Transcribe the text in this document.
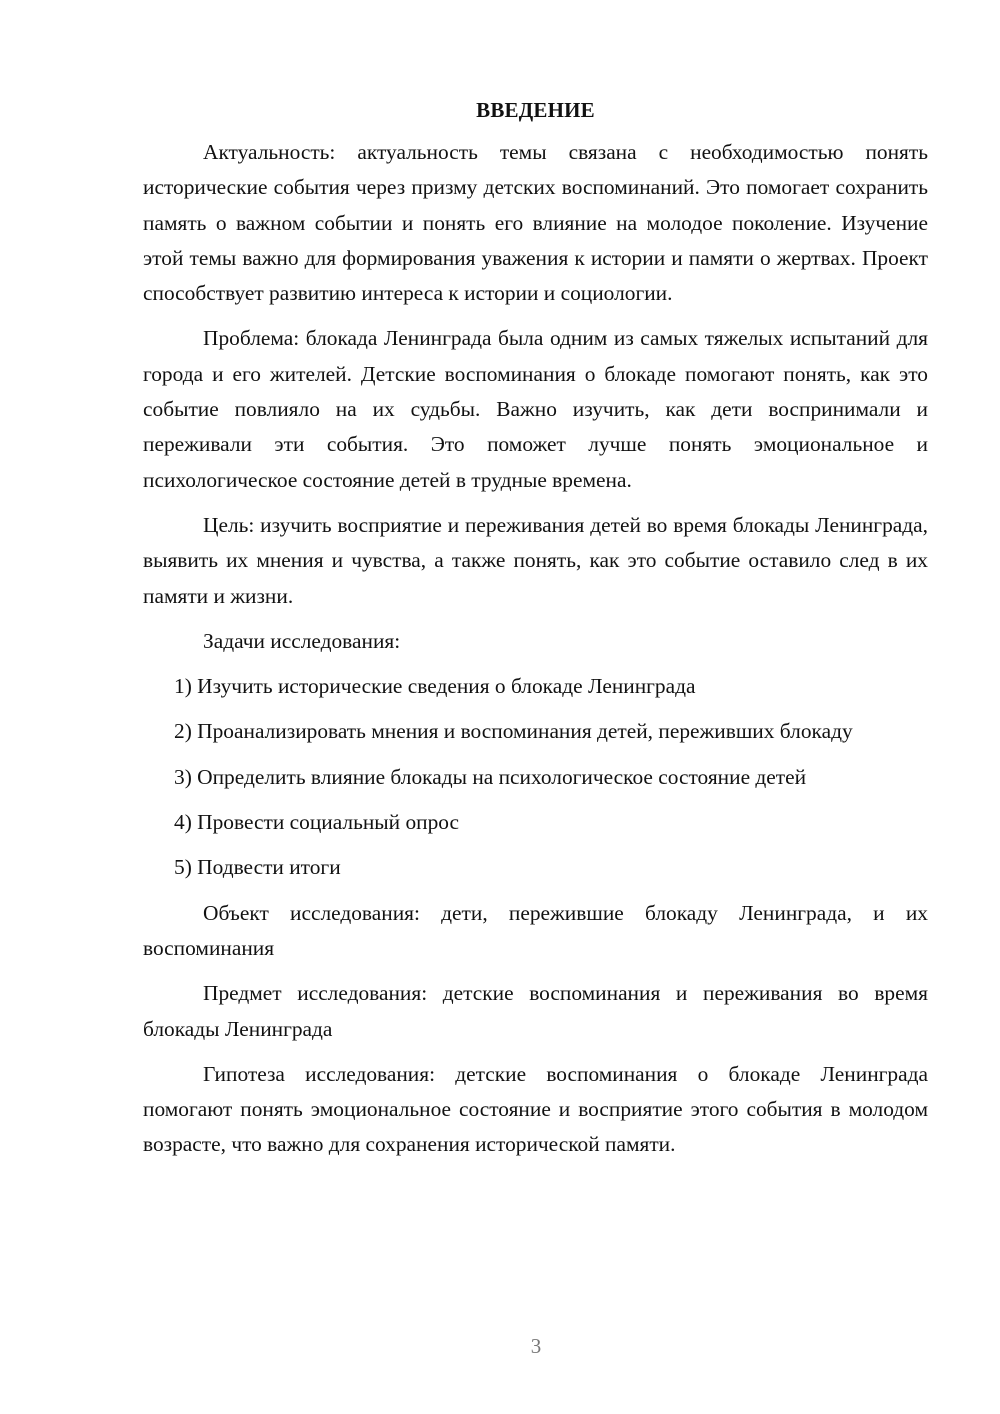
ВВЕДЕНИЕ

Актуальность: актуальность темы связана с необходимостью понять исторические события через призму детских воспоминаний. Это помогает сохранить память о важном событии и понять его влияние на молодое поколение. Изучение этой темы важно для формирования уважения к истории и памяти о жертвах. Проект способствует развитию интереса к истории и социологии.

Проблема: блокада Ленинграда была одним из самых тяжелых испытаний для города и его жителей. Детские воспоминания о блокаде помогают понять, как это событие повлияло на их судьбы. Важно изучить, как дети воспринимали и переживали эти события. Это поможет лучше понять эмоциональное и психологическое состояние детей в трудные времена.

Цель: изучить восприятие и переживания детей во время блокады Ленинграда, выявить их мнения и чувства, а также понять, как это событие оставило след в их памяти и жизни.

Задачи исследования:

1) Изучить исторические сведения о блокаде Ленинграда

2) Проанализировать мнения и воспоминания детей, переживших блокаду

3) Определить влияние блокады на психологическое состояние детей

4) Провести социальный опрос

5) Подвести итоги

Объект исследования: дети, пережившие блокаду Ленинграда, и их воспоминания

Предмет исследования: детские воспоминания и переживания во время блокады Ленинграда

Гипотеза исследования: детские воспоминания о блокаде Ленинграда помогают понять эмоциональное состояние и восприятие этого события в молодом возрасте, что важно для сохранения исторической памяти.

3
